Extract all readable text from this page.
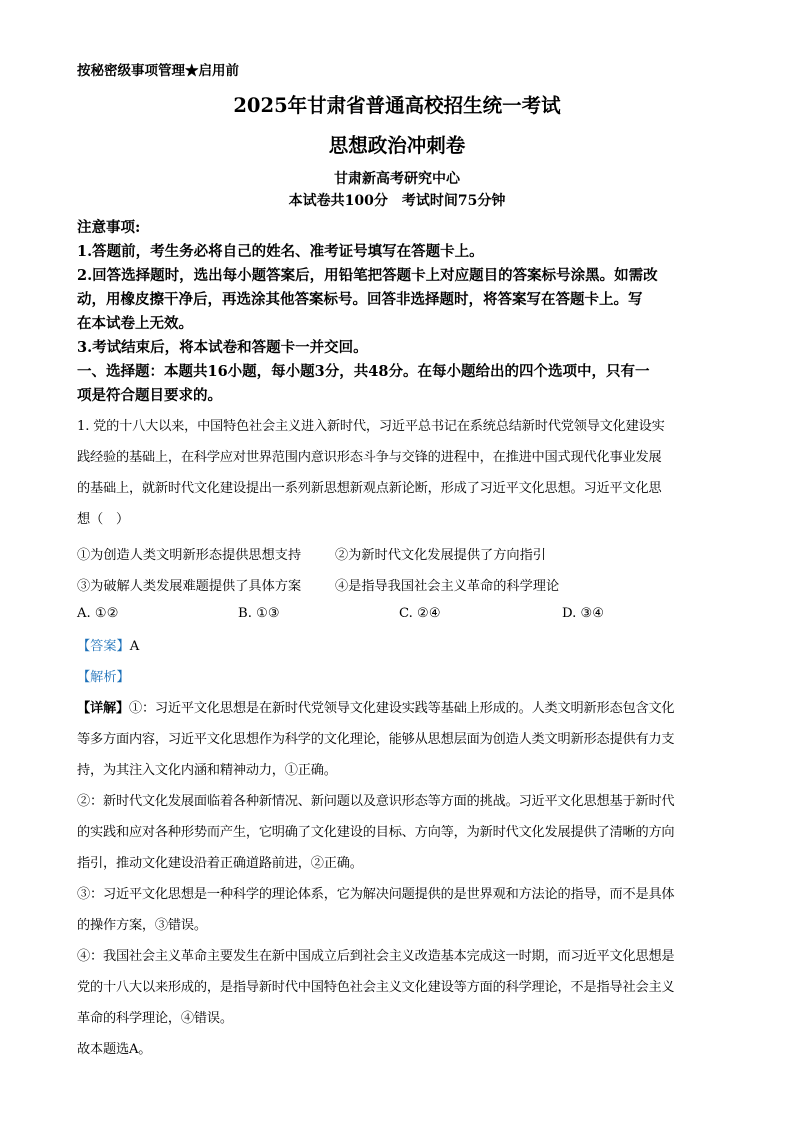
按秘密级事项管理★启用前
2025年甘肃省普通高校招生统一考试
思想政治冲刺卷
甘肃新高考研究中心
本试卷共100分　考试时间75分钟
注意事项:
1.答题前，考生务必将自己的姓名、准考证号填写在答题卡上。
2.回答选择题时，选出每小题答案后，用铅笔把答题卡上对应题目的答案标号涂黑。如需改
动，用橡皮擦干净后，再选涂其他答案标号。回答非选择题时，将答案写在答题卡上。写
在本试卷上无效。
3.考试结束后，将本试卷和答题卡一并交回。
一、选择题：本题共16小题，每小题3分，共48分。在每小题给出的四个选项中，只有一
项是符合题目要求的。
1. 党的十八大以来，中国特色社会主义进入新时代，习近平总书记在系统总结新时代党领导文化建设实
践经验的基础上，在科学应对世界范围内意识形态斗争与交锋的进程中，在推进中国式现代化事业发展
的基础上，就新时代文化建设提出一系列新思想新观点新论断，形成了习近平文化思想。习近平文化思
想（　）
①为创造人类文明新形态提供思想支持	②为新时代文化发展提供了方向指引
③为破解人类发展难题提供了具体方案	④是指导我国社会主义革命的科学理论
A. ①②	B. ①③	C. ②④	D. ③④
【答案】A
【解析】
【详解】①：习近平文化思想是在新时代党领导文化建设实践等基础上形成的。人类文明新形态包含文化
等多方面内容，习近平文化思想作为科学的文化理论，能够从思想层面为创造人类文明新形态提供有力支
持，为其注入文化内涵和精神动力，①正确。
②：新时代文化发展面临着各种新情况、新问题以及意识形态等方面的挑战。习近平文化思想基于新时代
的实践和应对各种形势而产生，它明确了文化建设的目标、方向等，为新时代文化发展提供了清晰的方向
指引，推动文化建设沿着正确道路前进，②正确。
③：习近平文化思想是一种科学的理论体系，它为解决问题提供的是世界观和方法论的指导，而不是具体
的操作方案，③错误。
④：我国社会主义革命主要发生在新中国成立后到社会主义改造基本完成这一时期，而习近平文化思想是
党的十八大以来形成的，是指导新时代中国特色社会主义文化建设等方面的科学理论，不是指导社会主义
革命的科学理论，④错误。
故本题选A。
